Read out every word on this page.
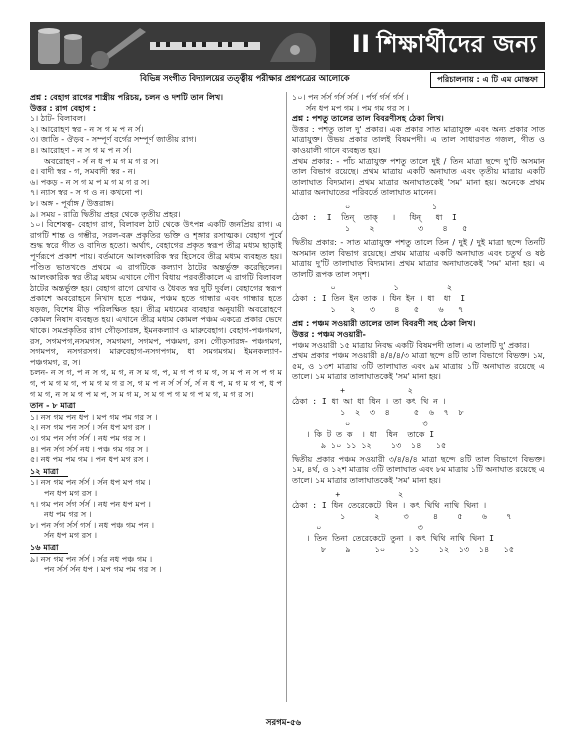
II শিক্ষার্থীদের জন্য
বিভিন্ন সংগীত বিদ্যালয়ের তত্ত্বীয় পরীক্ষার প্রশ্নপত্রের আলোকে	পরিচালনায় : এ টি এম মোস্তফা

প্রশ্ন : বেহাগ রাগের শাস্ত্রীয় পরিচয়, চলন ও দশটি তান লিখ।

উত্তর : রাগ বেহাগ :

১। ঠাট- বিলাবল।

২। আরোহণ স্বর - ন স গ ম প ন র্স।

৩। জাতি - ঔড়ব - সম্পূর্ণ বর্গের সম্পূর্ণ জাতীয় রাগ।

৪। আরোহণ - ন স গ ম প ন র্স।

অবরোহণ - র্স ন ধ প ম গ ম গ র স।

৫। বাদী স্বর - গ, সমবাদী স্বর - ন।

৬। পকড় - ন স গ ম প ম গ ম গ র স।

৭। ন্যাস স্বর - স গ ও ন। কখনো প।

৮। অঙ্গ - পূর্বাঙ্গ / উত্তরাঙ্গ।

৯। সময় - রাত্রি দ্বিতীয় প্রহর থেকে তৃতীয় প্রহর।

১০। বিশেষত্ব- বেহাগ রাগ, বিলাবল ঠাট থেকে উৎপন্ন একটি জনপ্রিয় রাগ। এ রাগটি শান্ত ও গম্ভীর, সরল-বক্র প্রকৃতির ভক্তি ও শৃঙ্গার রসাত্মক। বেহাগ পূর্বে শুদ্ধ স্বরে গীত ও বাদিত হতো। অর্থাৎ, বেহাগের প্রকৃত স্বরূপ তীব্র মধ্যম ছাড়াই পূর্ণরূপে প্রকাশ পায়। বর্তমানে আলংকারিক স্বর হিসেবে তীব্র মধ্যম ব্যবহৃত হয়। পণ্ডিত ভাতখণ্ডে প্রথমে এ রাগটিকে কল্যাণ ঠাটের অন্তর্ভুক্ত করেছিলেন। আলংকারিক স্বর তীব্র মধ্যম এখানে গৌণ বিধায় পরবর্তীকালে এ রাগটি বিলাবল ঠাটের অন্তর্ভুক্ত হয়। বেহাগ রাগে রেখাব ও ধৈবত স্বর দুটি দুর্বল। বেহাগের স্বরূপ প্রকাশে অবরোহনে নিখাদ হতে পঞ্চম, পঞ্চম হতে গান্ধার এবং গান্ধার হতে ষড়জ, বিশেষ মীড় পরিলক্ষিত হয়। তীব্র মধ্যমের ব্যবহার অনুযায়ী অবরোহণে কোমল নিষাদ ব্যবহৃত হয়। এখানে তীব্র মধ্যম কোমল পঞ্চম একত্রে প্রকার ভেদে থাকে। সমপ্রকৃতির রাগ গৌড়সারঙ্গ, ইমনকল্যাণ ও মারুবেহাগ। বেহাগ-পঞ্চগমগ, রস, সগমপগ,নসমগস, সমগমগ, সগমপ, পঞ্চমগ, রস। গৌড়সারঙ্গ- পঞ্চগমগ, সগমপগ, নসগরসগ। মারুবেহাগ-নসগপগম, ধা সমগমগম। ইমনকল্যাণ- পঞ্চগমগ, র, স।

চলন- ন স গ, প ন স গ, ম গ, ন স ম গ, প, ম গ প গ ম গ, স ম প ন স প গ ম গ, প ম গ ম গ, প ম গ ম গ র স, গ ম প ন র্স র্স র্স, র্স ন ধ প, ম গ ম গ প, ধ প গ ম গ, ন স ম গ প ম প, স ম গ ম, স ম গ প গ ম গ প ম গ, ম গ র স।

তান - ৮ মাত্রা

১। নস গম পন ধপ । মপ গম পম গর স ।

২। নস গম পন সর্স । র্সন ধপ মগ রস ।

৩। গম পন র্সগ র্সর্স । নধ পম গর স ।

৪। পন র্সগ র্সর্স নধ । পঞ্চ গম গর স ।

৫। নধ পম পম গম । পন ধপ মগ রস ।

১২ মাত্রা

১। নস গম পন র্সর্স । র্সন ধপ মপ গম ।

পন ধপ মগ রস ।

৭। গম পন র্সগ র্সর্স । নধ পন ধপ মপ ।

নধ পম গর স ।

৮। পন র্সগ র্সর্স গর্স । নধ পঞ্চ গম পন ।

র্সন ধপ মগ রস ।

১৬ মাত্রা

৯। নস গম পন র্সর্স । র্সর নধ পঞ্চ গম ।

পন র্সর্স র্সন ধপ । মপ গম পম গর স ।

১০। পন র্সর্স র্গর্স র্সর্স । র্পর্গ র্গর্স র্গর্স ।

র্সন ধপ মপ গম । পম গম গর স ।

প্রশ্ন : পশতু তালের তাল বিবরণীসহ ঠেকা লিখ।

উত্তর : পশতু তাল দু' প্রকার। এক প্রকার সাত মাত্রাযুক্ত এবং অন্য প্রকার সাত মাত্রাযুক্ত। উভয় প্রকার তালই বিষমপদী। এ তাল সাধারণত গজল, গীত ও কাওয়ালী গানে ব্যবহৃত হয়।

প্রথম প্রকার: - পাঁচ মাত্রাযুক্ত পশতু তালে দুই / তিন মাত্রা ছন্দে দু'টি অসমান তাল বিভাগ রয়েছে। প্রথম মাত্রায় একটি অনাঘাত এবং তৃতীয় মাত্রায় একটি তালাঘাত বিদ্যমান। প্রথম মাত্রার অনাঘাতকেই 'সম' মানা হয়। অনেকে প্রথম মাত্রার অনাঘাতের পরিবর্তে তালাঘাত মানেন।

০                 ১
ঠেকা :  I  তিন্  তাক্   ।   ধিন্   ধা  I
১    ২         ৩    ৪   ৫

দ্বিতীয় প্রকার: - সাত মাত্রাযুক্ত পশতু তালে তিন / দুই / দুই মাত্রা ছন্দে তিনটি অসমান তাল বিভাগ রয়েছে। প্রথম মাত্রায় একটি অনাঘাত এবং চতুর্থ ও ষষ্ঠ মাত্রায় দু'টি তালাঘাত বিদ্যমান। প্রথম মাত্রার অনাঘাতকেই 'সম' মানা হয়। এ তালটি রূপক তাল সদৃশ।

০            ১          ২
ঠেকা : I তিন ইন তাক । ধিন ইন । ধা  ধা  I
১   ২   ৩    ৪   ৫    ৬   ৭

প্রশ্ন : পঞ্চম সওয়ারী তালের তাল বিবরণী সহ ঠেকা লিখ।

উত্তর : পঞ্চম সওয়ারী-

পঞ্চম সওয়ারী ১৫ মাত্রায় নিবদ্ধ একটি বিষমপদী তাল। এ তালটি দু' প্রকার।

প্রথম প্রকার পঞ্চম সওয়ারী ৪/৪/৪/৩ মাত্রা ছন্দে ৪টি তাল বিভাগে বিভক্ত। ১ম, ৫ম, ও ১৩শ মাত্রায় ৩টি তালাঘাত এবং ৯ম মাত্রায় ১টি অনাঘাত রয়েছে এ তালে। ১ম মাত্রার তালাঘাতকেই 'সম' মানা হয়।

+             ২
ঠেকা : I ধা আ ধা ধিন । তা কৎ থি ন ।
১  ২  ৩  ৪     ৫  ৬  ৭  ৮
০               ৩
। কি ট ত ক  । ধা  ধিন  তাকে I
৯ ১০ ১১ ১২    ১৩  ১৪   ১৫

দ্বিতীয় প্রকার পঞ্চম সওয়ারী ৩/৪/৪/৪ মাত্রা ছন্দে ৪টি তাল বিভাগে বিভক্ত। ১ম, ৪র্থ, ও ১২শ মাত্রায় ৩টি তালাঘাত এবং ৮ম মাত্রায় ১টি অনাঘাত রয়েছে এ তালে। ১ম মাত্রার তালাঘাতকেই 'সম' মানা হয়।

+            ২
ঠেকা : I ধিন তেরেকেটে ধিন । কৎ থিথি নাথি থিনা ।
১      ২     ৩     ৪    ৫    ৬    ৭
০                    ৩
। তিন তিনা তেরেকেটে তুনা । কৎ থিথি নাথি থিনা I
৮    ৯     ১০     ১১    ১২  ১৩  ১৪   ১৫
সরগম-৫৬
